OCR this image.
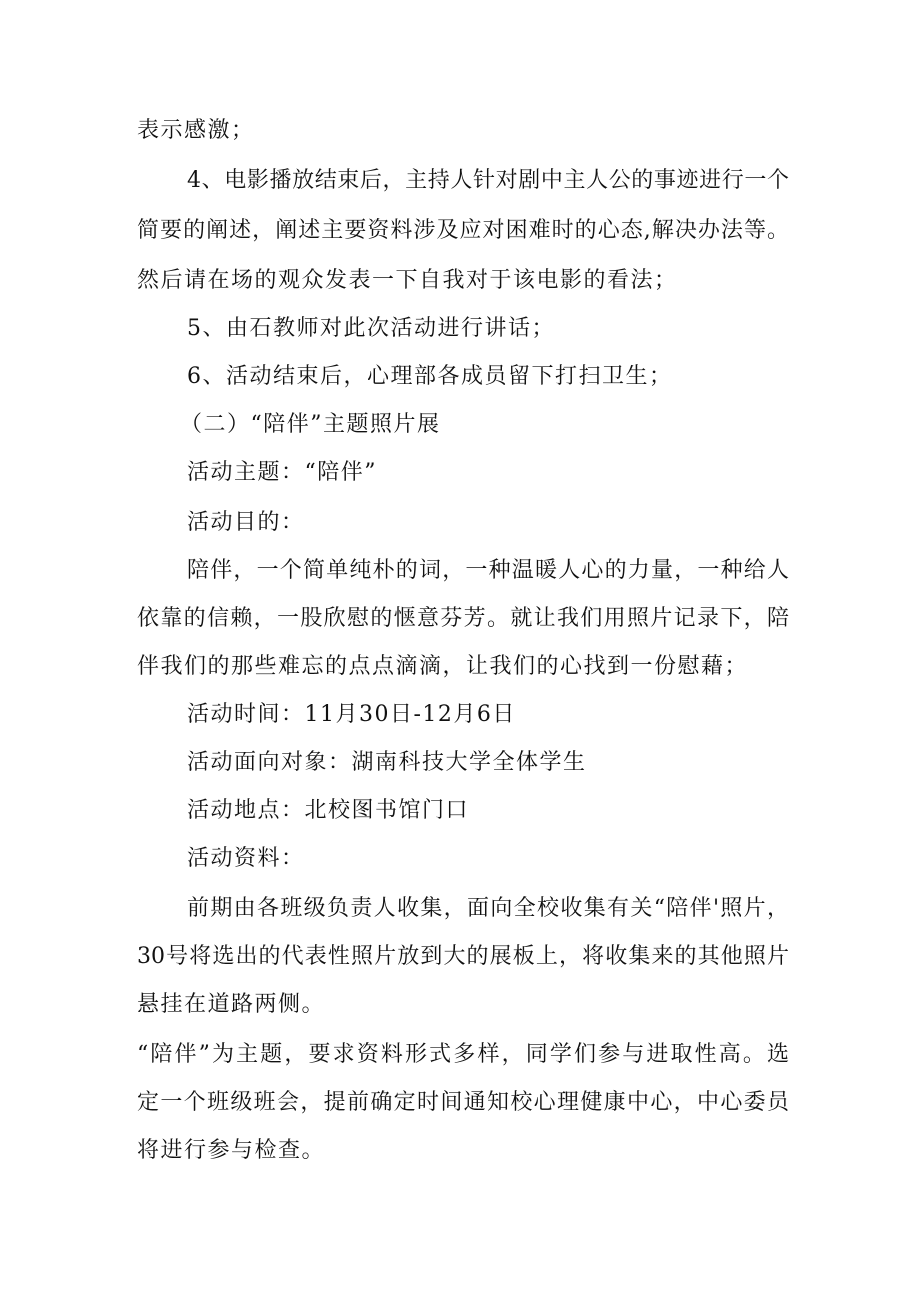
表示感激；
4、电影播放结束后，主持人针对剧中主人公的事迹进行一个
简要的阐述，阐述主要资料涉及应对困难时的心态,解决办法等。
然后请在场的观众发表一下自我对于该电影的看法；
5、由石教师对此次活动进行讲话；
6、活动结束后，心理部各成员留下打扫卫生；
（二）“陪伴”主题照片展
活动主题：“陪伴”
活动目的：
陪伴，一个简单纯朴的词，一种温暖人心的力量，一种给人
依靠的信赖，一股欣慰的惬意芬芳。就让我们用照片记录下，陪
伴我们的那些难忘的点点滴滴，让我们的心找到一份慰藉；
活动时间：11月30日-12月6日
活动面向对象：湖南科技大学全体学生
活动地点：北校图书馆门口
活动资料：
前期由各班级负责人收集，面向全校收集有关“陪伴'照片，
30号将选出的代表性照片放到大的展板上，将收集来的其他照片
悬挂在道路两侧。
“陪伴”为主题，要求资料形式多样，同学们参与进取性高。选
定一个班级班会，提前确定时间通知校心理健康中心，中心委员
将进行参与检查。
